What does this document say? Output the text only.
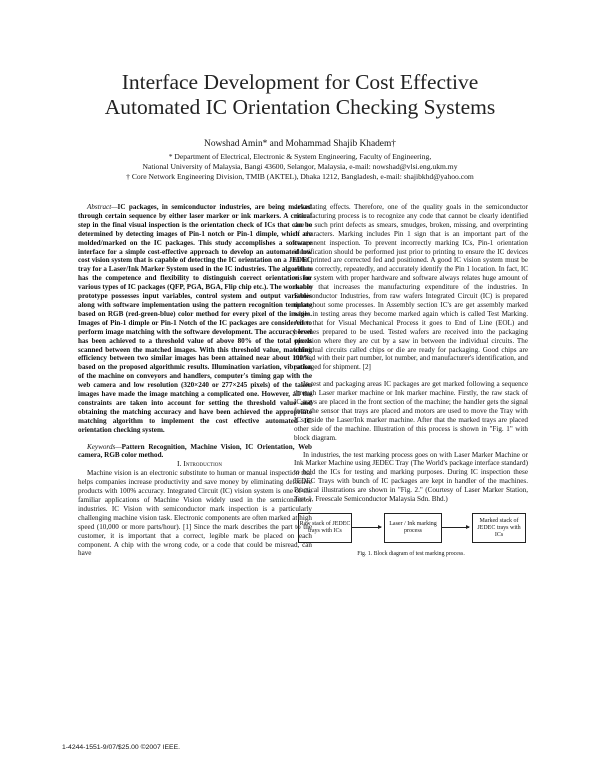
Interface Development for Cost Effective
Automated IC Orientation Checking Systems
Nowshad Amin* and Mohammad Shajib Khadem†
* Department of Electrical, Electronic & System Engineering, Faculty of Engineering,
National University of Malaysia, Bangi 43600, Selangor, Malaysia, e-mail: nowshad@vlsi.eng.ukm.my
† Core Network Engineering Division, TMIB (AKTEL), Dhaka 1212, Bangladesh, e-mail: shajibkhd@yahoo.com

Abstract—IC packages, in semiconductor industries, are being marked through certain sequence by either laser marker or ink markers. A critical step in the final visual inspection is the orientation check of ICs that can be determined by detecting images of Pin-1 notch or Pin-1 dimple, which are molded/marked on the IC packages. This study accomplishes a software interface for a simple cost-effective approach to develop an automated low cost vision system that is capable of detecting the IC orientation on a JEDEC tray for a Laser/Ink Marker System used in the IC industries. The algorithm has the competence and flexibility to distinguish correct orientation for various types of IC packages (QFP, PGA, BGA, Flip chip etc.). The workable prototype possesses input variables, control system and output variables along with software implementation using the pattern recognition template based on RGB (red-green-blue) color method for every pixel of the images. Images of Pin-1 dimple or Pin-1 Notch of the IC packages are considered to perform image matching with the software development. The accuracy level has been achieved to a threshold value of above 80% of the total pixels scanned between the matched images. With this threshold value, matching efficiency between two similar images has been attained near about 100%, based on the proposed algorithmic results. Illumination variation, vibration of the machine on conveyors and handlers, computer's timing gap with the web camera and low resolution (320×240 or 277×245 pixels) of the taken images have made the image matching a complicated one. However, all the constraints are taken into account for setting the threshold value and obtaining the matching accuracy and have been achieved the appropriate matching algorithm to implement the cost effective automated IC orientation checking system.

Keywords—Pattern Recognition, Machine Vision, IC Orientation, Web camera, RGB color method.

I. Introduction

Machine vision is an electronic substitute to human or manual inspection that helps companies increase productivity and save money by eliminating defective products with 100% accuracy. Integrated Circuit (IC) vision system is one of the familiar applications of Machine Vision widely used in the semiconductor industries. IC Vision with semiconductor mark inspection is a particularly challenging machine vision task. Electronic components are often marked at high speed (10,000 or more parts/hour). [1] Since the mark describes the part to the customer, it is important that a correct, legible mark be placed on each component. A chip with the wrong code, or a code that could be misread, can have

devastating effects. Therefore, one of the quality goals in the semiconductor manufacturing process is to recognize any code that cannot be clearly identified due to such print defects as smears, smudges, broken, missing, and overprinting of characters. Marking includes Pin 1 sign that is an important part of the component inspection. To prevent incorrectly marking ICs, Pin-1 orientation identification should be performed just prior to printing to ensure the IC devices to be printed are corrected fed and positioned. A good IC vision system must be able to correctly, repeatedly, and accurately identify the Pin 1 location. In fact, IC vision system with proper hardware and software always relates huge amount of money that increases the manufacturing expenditure of the industries. In Semiconductor Industries, from raw wafers Integrated Circuit (IC) is prepared throughout some processes. In Assembly section IC's are get assembly marked while in testing areas they become marked again which is called Test Marking. After that for Visual Mechanical Process it goes to End of Line (EOL) and becomes prepared to be used. Tested wafers are received into the packaging operation where they are cut by a saw in between the individual circuits. The individual circuits called chips or die are ready for packaging. Good chips are marked with their part number, lot number, and manufacturer's identification, and packaged for shipment. [2]

In test and packaging areas IC packages are get marked following a sequence through Laser marker machine or Ink marker machine. Firstly, the raw stack of IC trays are placed in the front section of the machine; the handler gets the signal from the sensor that trays are placed and motors are used to move the Tray with ICs inside the Laser/Ink marker machine. After that the marked trays are placed other side of the machine. Illustration of this process is shown in "Fig. 1" with block diagram.

In industries, the test marking process goes on with Laser Marker Machine or Ink Marker Machine using JEDEC Tray (The World's package interface standard) to hold the ICs for testing and marking purposes. During IC inspection these JEDEC Trays with bunch of IC packages are kept in handler of the machines. Practical illustrations are shown in "Fig. 2." (Courtesy of Laser Marker Station, Test-1, Freescale Semiconductor Malaysia Sdn. Bhd.)

Raw stack of JEDEC trays with ICs
Laser / Ink marking process
Marked stack of JEDEC trays with ICs

Fig. 1. Block diagram of test marking process.

1-4244-1551-9/07/$25.00 ©2007 IEEE.
